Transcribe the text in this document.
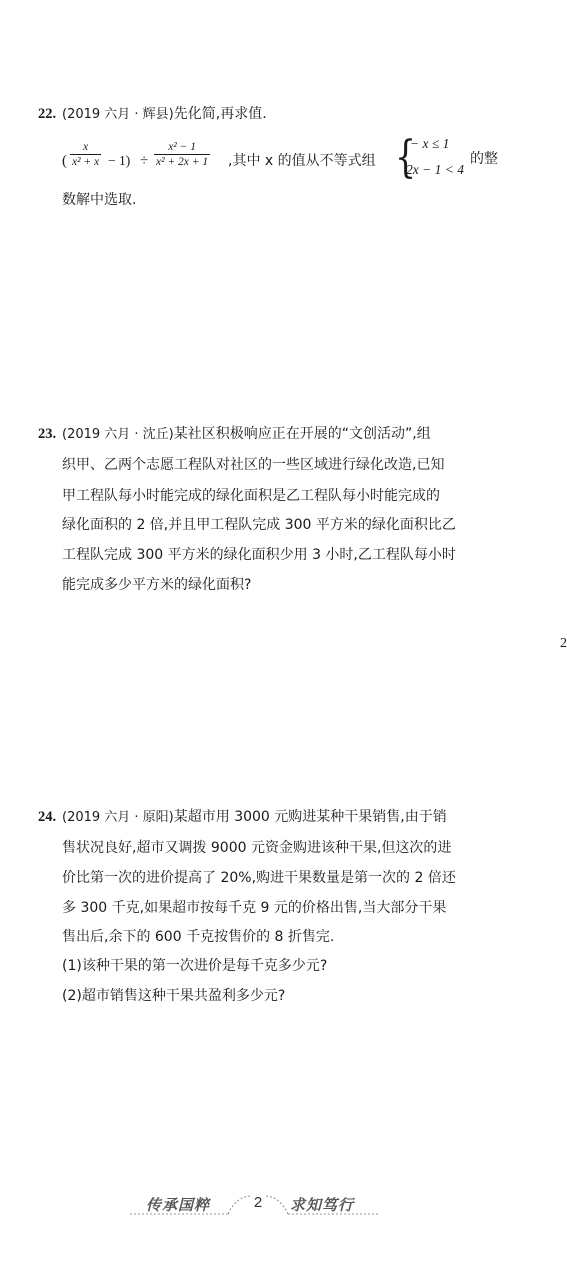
22. (2019 六月 · 辉县)先化简,再求值.
( $\frac{x}{\text{x² + x}} - 1) \div \frac{\text{x² − 1}}{\text{x² + 2x + 1}}$ ,其中 x 的值从不等式组 {
− x ≤ 1
2x − 1 < 4
的整
数解中选取.
23. (2019 六月 · 沈丘)某社区积极响应正在开展的“文创活动”,组
织甲、乙两个志愿工程队对社区的一些区域进行绿化改造,已知
甲工程队每小时能完成的绿化面积是乙工程队每小时能完成的
绿化面积的 2 倍,并且甲工程队完成 300 平方米的绿化面积比乙
工程队完成 300 平方米的绿化面积少用 3 小时,乙工程队每小时
能完成多少平方米的绿化面积?
2
24. (2019 六月 · 原阳)某超市用 3000 元购进某种干果销售,由于销
售状况良好,超市又调拨 9000 元资金购进该种干果,但这次的进
价比第一次的进价提高了 20%,购进干果数量是第一次的 2 倍还
多 300 千克,如果超市按每千克 9 元的价格出售,当大部分干果
售出后,余下的 600 千克按售价的 8 折售完.
(1)该种干果的第一次进价是每千克多少元?
(2)超市销售这种干果共盈利多少元?
传承国粹	2	求知笃行
